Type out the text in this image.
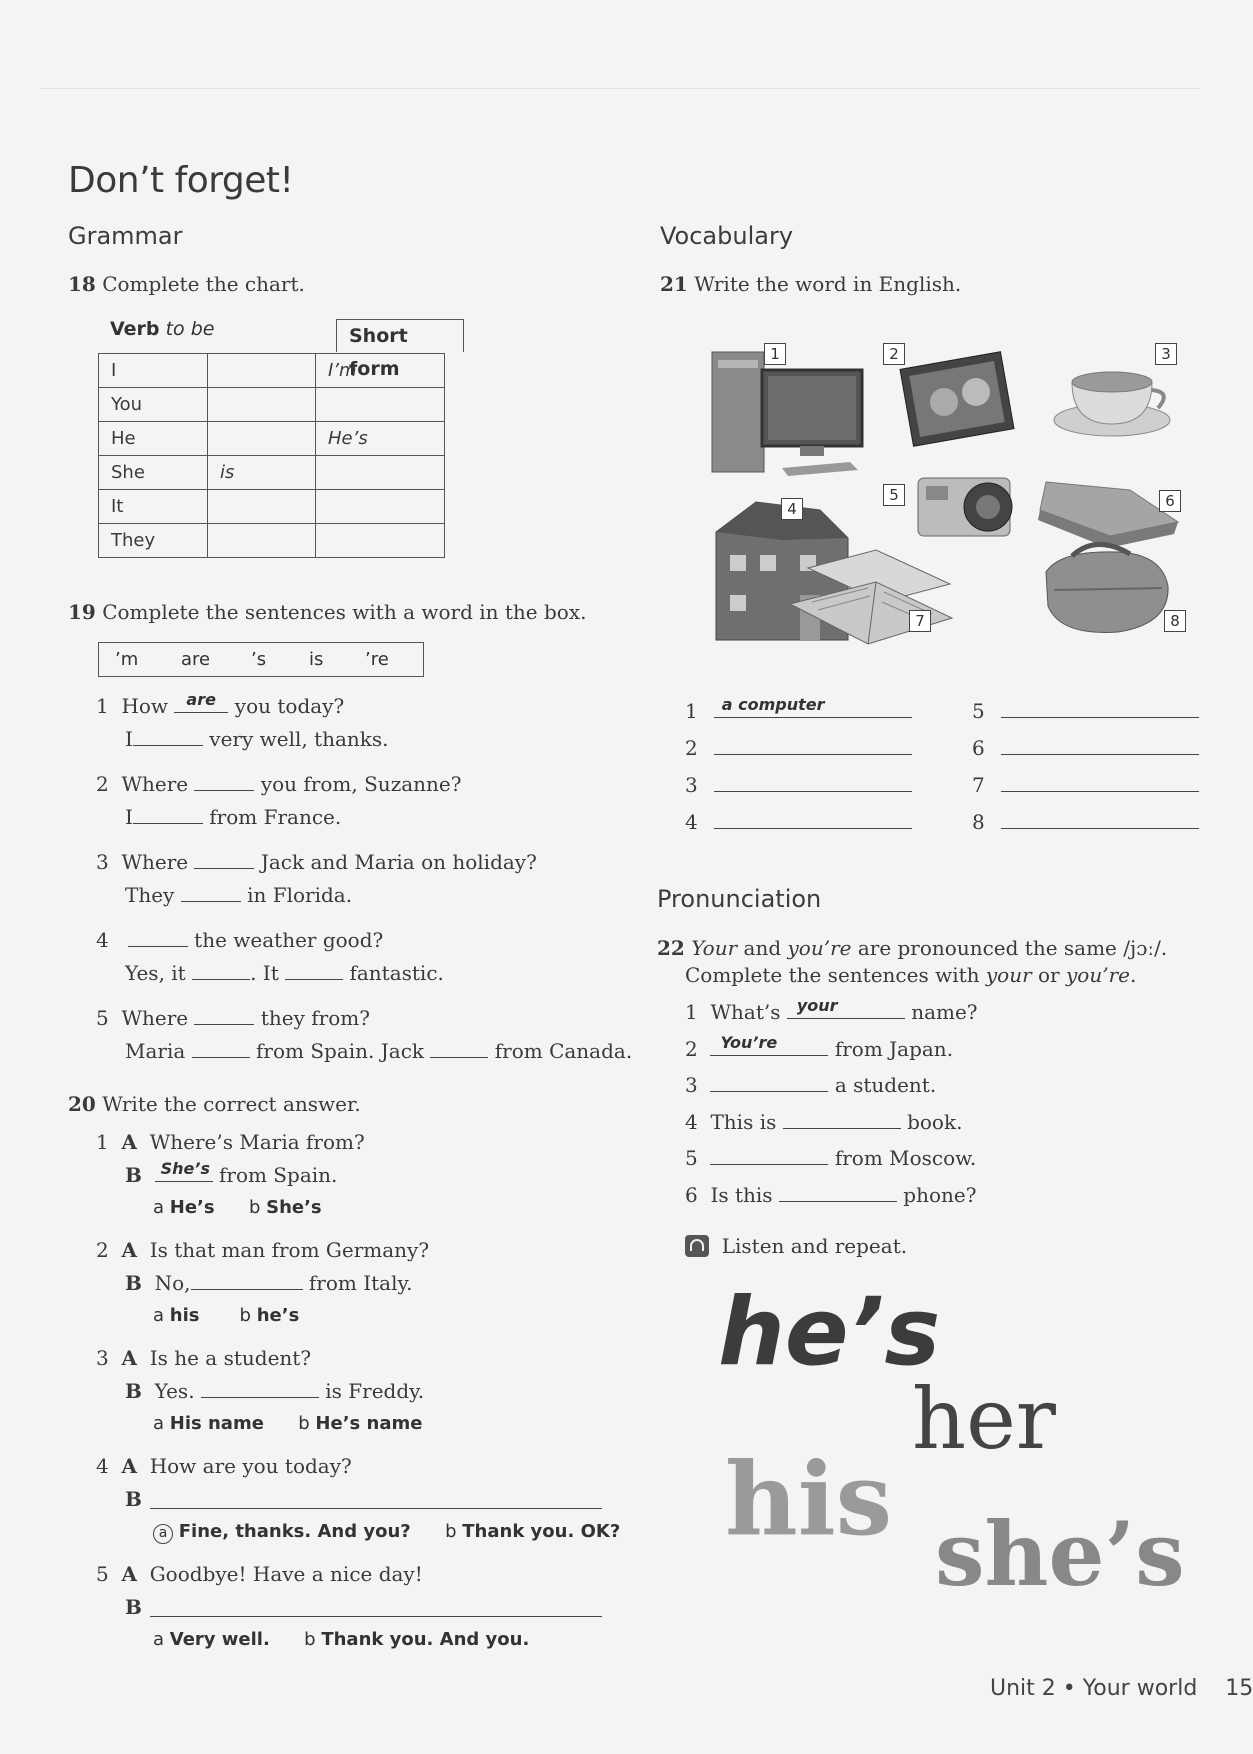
Don’t forget!
Grammar
18 Complete the chart.
Verb to be	Short form
I		I’m
You		
He		He’s
She	is	
It		
They		
19 Complete the sentences with a word in the box.
’m are ’s is ’re
1 How are you today?
I	very well, thanks.
2 Where	you from, Suzanne?
I	from France.
3 Where	Jack and Maria on holiday?
They	in Florida.
4	the weather good?
Yes, it	. It	fantastic.
5 Where	they from?
Maria	from Spain. Jack	from Canada.
20 Write the correct answer.
1 A Where’s Maria from?
B She’s from Spain.
a He’s b She’s
2 A Is that man from Germany?
B No,	from Italy.
a his b he’s
3 A Is he a student?
B Yes.	is Freddy.
a His name b He’s name
4 A How are you today?
B
a Fine, thanks. And you? b Thank you. OK?
5 A Goodbye! Have a nice day!
B
a Very well. b Thank you. And you.
Vocabulary
21 Write the word in English.
1	2	3
4
5	6
7	8
1 a computer
2
3
4
5
6
7
8
Pronunciation
22 Your and you’re are pronounced the same /jɔː/.
Complete the sentences with your or you’re.
1 What’s your	name?
2 You’re	from Japan.
3	a student.
4 This is	book.
5	from Moscow.
6 Is this	phone?
Listen and repeat.
he’s
her
his she’s
Unit 2 • Your world 15
